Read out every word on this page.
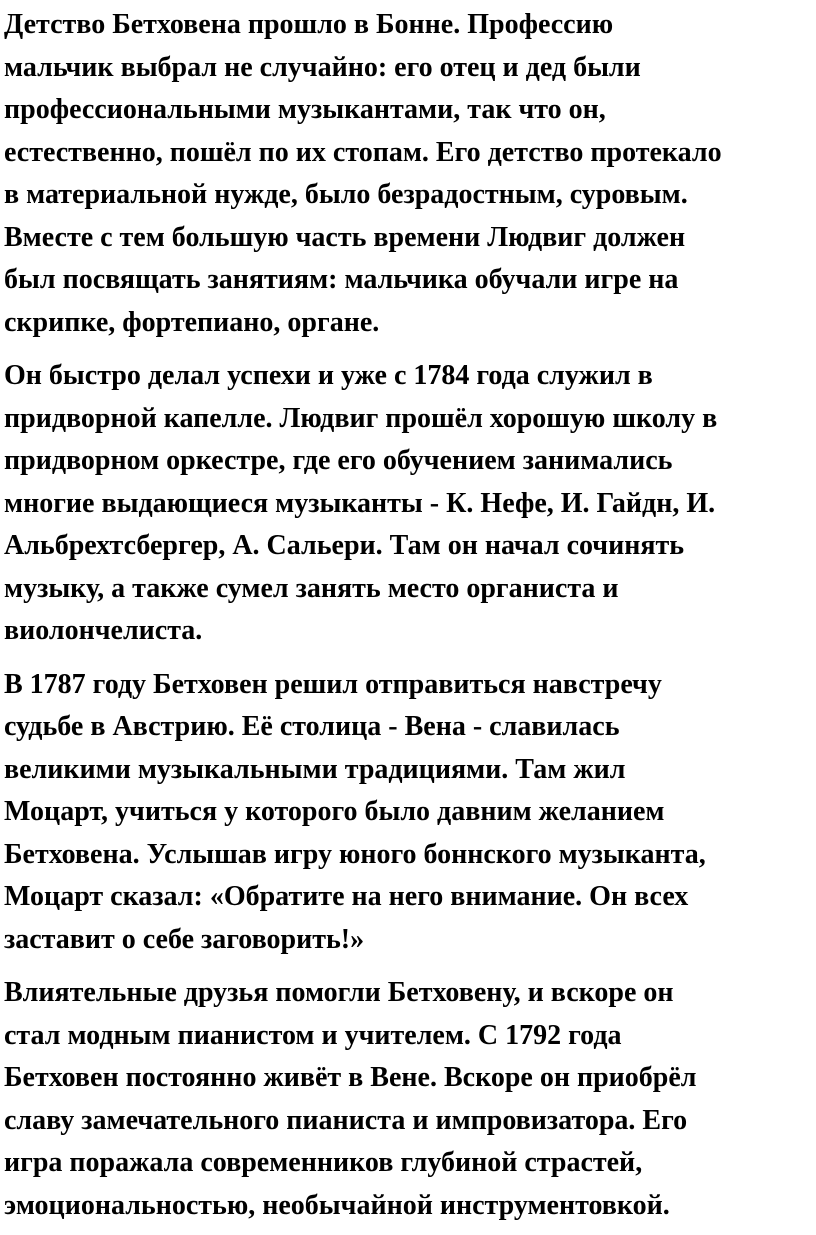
Детство Бетховена прошло в Бонне. Профессию
мальчик выбрал не случайно: его отец и дед были
профессиональными музыкантами, так что он,
естественно, пошёл по их стопам. Его детство протекало
в материальной нужде, было безрадостным, суровым.
Вместе с тем большую часть времени Людвиг должен
был посвящать занятиям: мальчика обучали игре на
скрипке, фортепиано, органе.
Он быстро делал успехи и уже с 1784 года служил в
придворной капелле. Людвиг прошёл хорошую школу в
придворном оркестре, где его обучением занимались
многие выдающиеся музыканты - К. Нефе, И. Гайдн, И.
Альбрехтсбергер, А. Сальери. Там он начал сочинять
музыку, а также сумел занять место органиста и
виолончелиста.
В 1787 году Бетховен решил отправиться навстречу
судьбе в Австрию. Её столица - Вена - славилась
великими музыкальными традициями. Там жил
Моцарт, учиться у которого было давним желанием
Бетховена. Услышав игру юного боннского музыканта,
Моцарт сказал: «Обратите на него внимание. Он всех
заставит о себе заговорить!»
Влиятельные друзья помогли Бетховену, и вскоре он
стал модным пианистом и учителем. С 1792 года
Бетховен постоянно живёт в Вене. Вскоре он приобрёл
славу замечательного пианиста и импровизатора. Его
игра поражала современников глубиной страстей,
эмоциональностью, необычайной инструментовкой.
